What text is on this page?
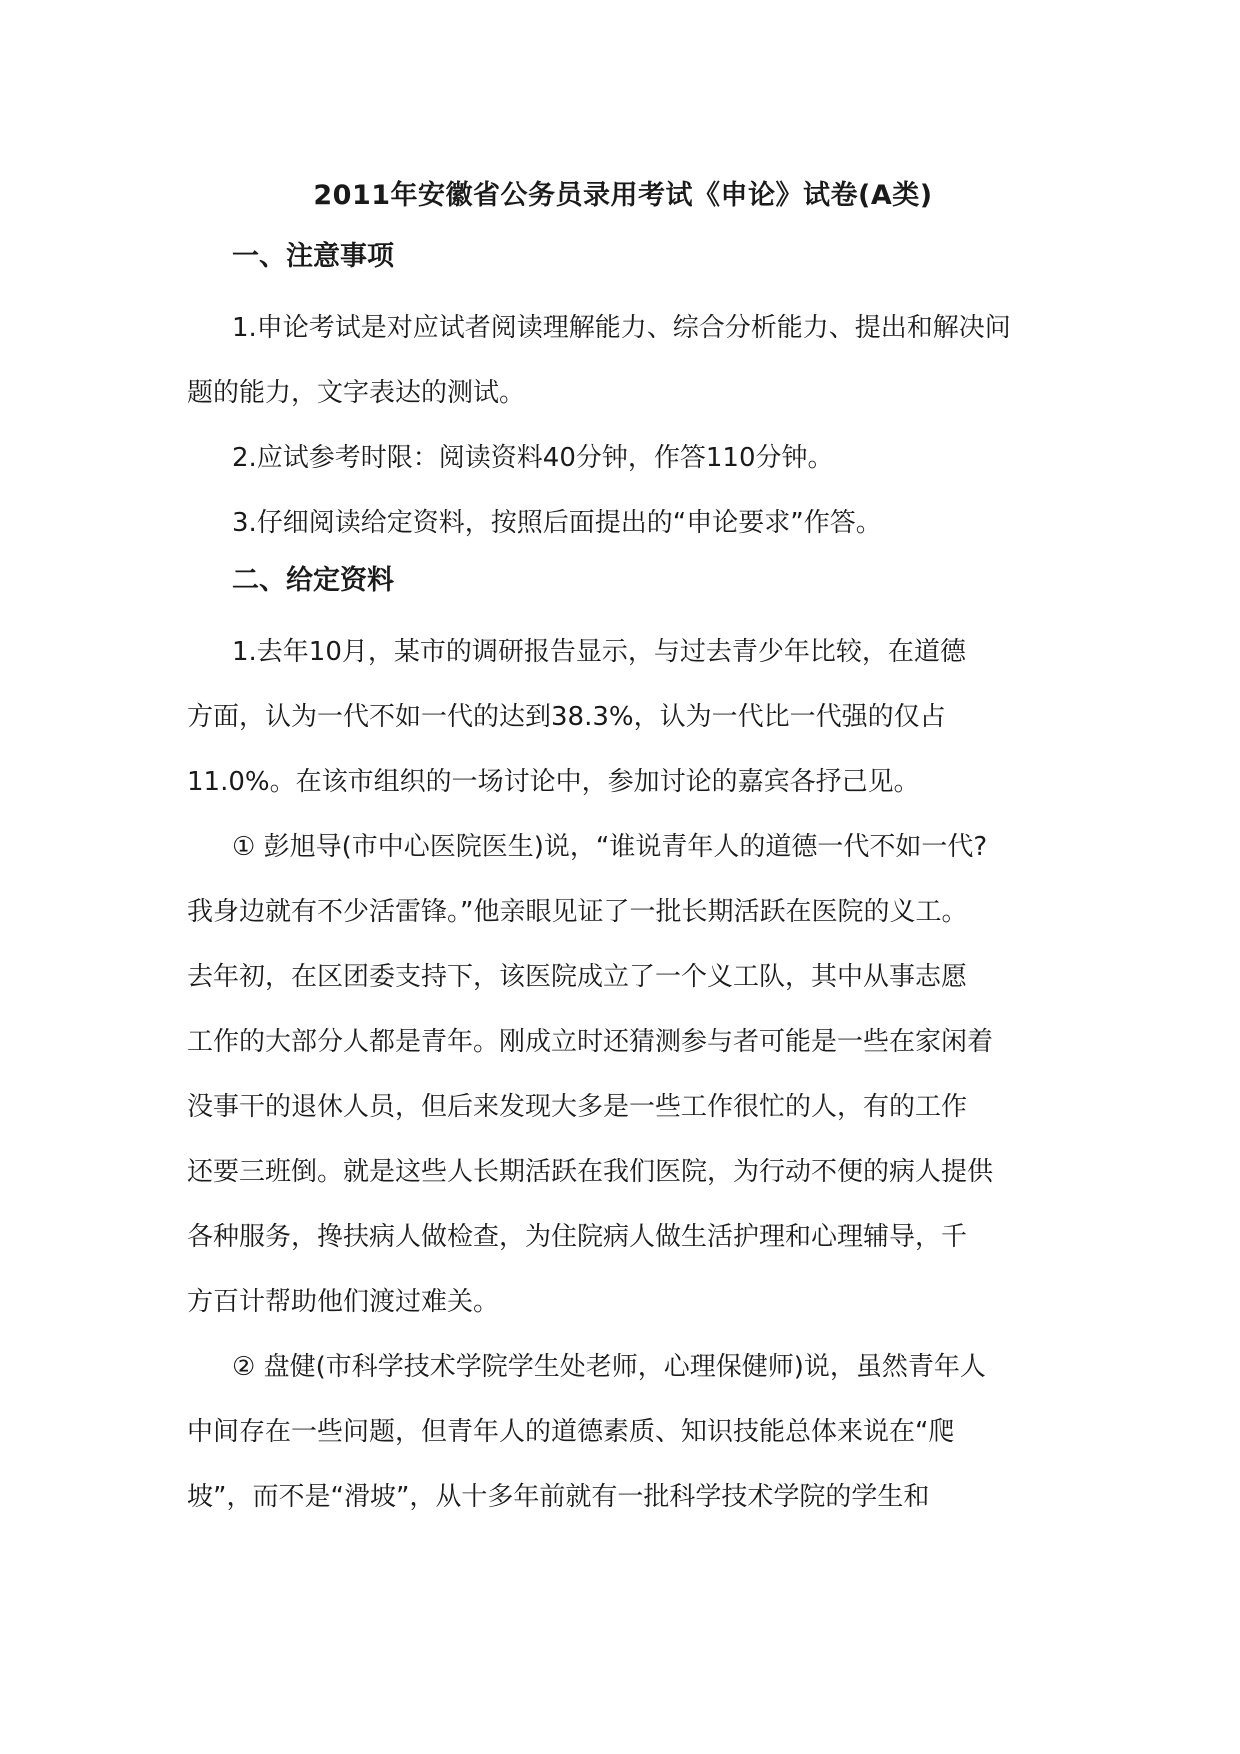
2011年安徽省公务员录用考试《申论》试卷(A类)
一、注意事项

1.申论考试是对应试者阅读理解能力、综合分析能力、提出和解决问
题的能力，文字表达的测试。

2.应试参考时限：阅读资料40分钟，作答110分钟。

3.仔细阅读给定资料，按照后面提出的“申论要求”作答。

二、给定资料

1.去年10月，某市的调研报告显示，与过去青少年比较，在道德
方面，认为一代不如一代的达到38.3%，认为一代比一代强的仅占
11.0%。在该市组织的一场讨论中，参加讨论的嘉宾各抒己见。

① 彭旭导(市中心医院医生)说，“谁说青年人的道德一代不如一代?
我身边就有不少活雷锋。”他亲眼见证了一批长期活跃在医院的义工。
去年初，在区团委支持下，该医院成立了一个义工队，其中从事志愿
工作的大部分人都是青年。刚成立时还猜测参与者可能是一些在家闲着
没事干的退休人员，但后来发现大多是一些工作很忙的人，有的工作
还要三班倒。就是这些人长期活跃在我们医院，为行动不便的病人提供
各种服务，搀扶病人做检查，为住院病人做生活护理和心理辅导，千
方百计帮助他们渡过难关。

② 盘健(市科学技术学院学生处老师，心理保健师)说，虽然青年人
中间存在一些问题，但青年人的道德素质、知识技能总体来说在“爬
坡”，而不是“滑坡”，从十多年前就有一批科学技术学院的学生和
